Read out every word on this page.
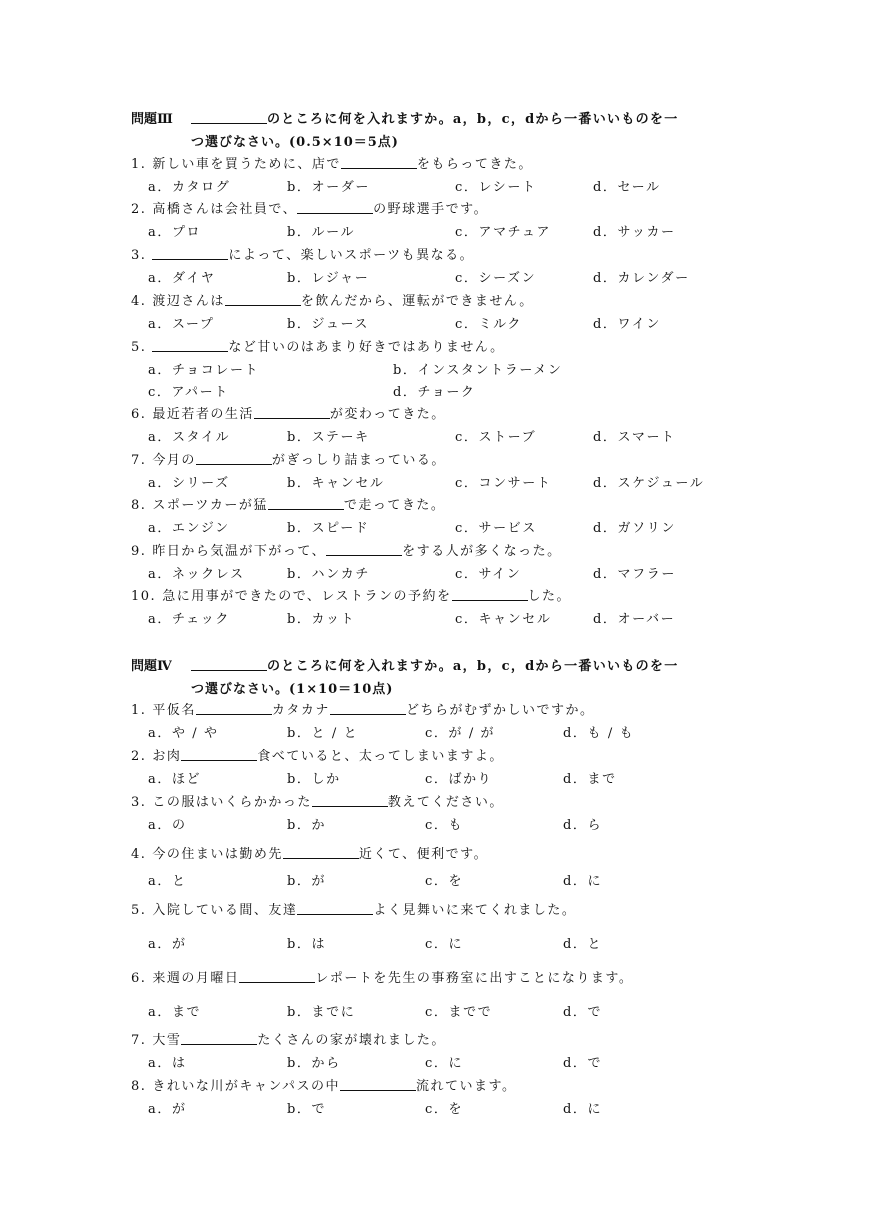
問題Ⅲ	のところに何を入れますか。a，b，c，dから一番いいものを一
つ選びなさい。(0.5×10＝5点)
1. 新しい車を買うために、店で	をもらってきた。
a．カタログ	b．オーダー	c．レシート	d．セール
2. 高橋さんは会社員で、	の野球選手です。
a．プロ	b．ルール	c．アマチュア	d．サッカー
3.	によって、楽しいスポーツも異なる。
a．ダイヤ	b．レジャー	c．シーズン	d．カレンダー
4. 渡辺さんは	を飲んだから、運転ができません。
a．スープ	b．ジュース	c．ミルク	d．ワイン
5.	など甘いのはあまり好きではありません。
a．チョコレート	b．インスタントラーメン
c．アパート	d．チョーク
6. 最近若者の生活	が変わってきた。
a．スタイル	b．ステーキ	c．ストーブ	d．スマート
7. 今月の	がぎっしり詰まっている。
a．シリーズ	b．キャンセル	c．コンサート	d．スケジュール
8. スポーツカーが猛	で走ってきた。
a．エンジン	b．スピード	c．サービス	d．ガソリン
9. 昨日から気温が下がって、	をする人が多くなった。
a．ネックレス	b．ハンカチ	c．サイン	d．マフラー
10. 急に用事ができたので、レストランの予約を	した。
a．チェック	b．カット	c．キャンセル	d．オーバー
問題Ⅳ	のところに何を入れますか。a，b，c，dから一番いいものを一
つ選びなさい。(1×10＝10点)
1. 平仮名	カタカナ	どちらがむずかしいですか。
a．や / や	b．と / と	c．が / が	d．も / も
2. お肉	食べていると、太ってしまいますよ。
a．ほど	b．しか	c．ばかり	d．まで
3. この服はいくらかかった	教えてください。
a．の	b．か	c．も	d．ら
4. 今の住まいは勤め先	近くて、便利です。
a．と	b．が	c．を	d．に
5. 入院している間、友達	よく見舞いに来てくれました。
a．が	b．は	c．に	d．と
6. 来週の月曜日	レポートを先生の事務室に出すことになります。
a．まで	b．までに	c．までで	d．で
7. 大雪	たくさんの家が壊れました。
a．は	b．から	c．に	d．で
8. きれいな川がキャンパスの中	流れています。
a．が	b．で	c．を	d．に
